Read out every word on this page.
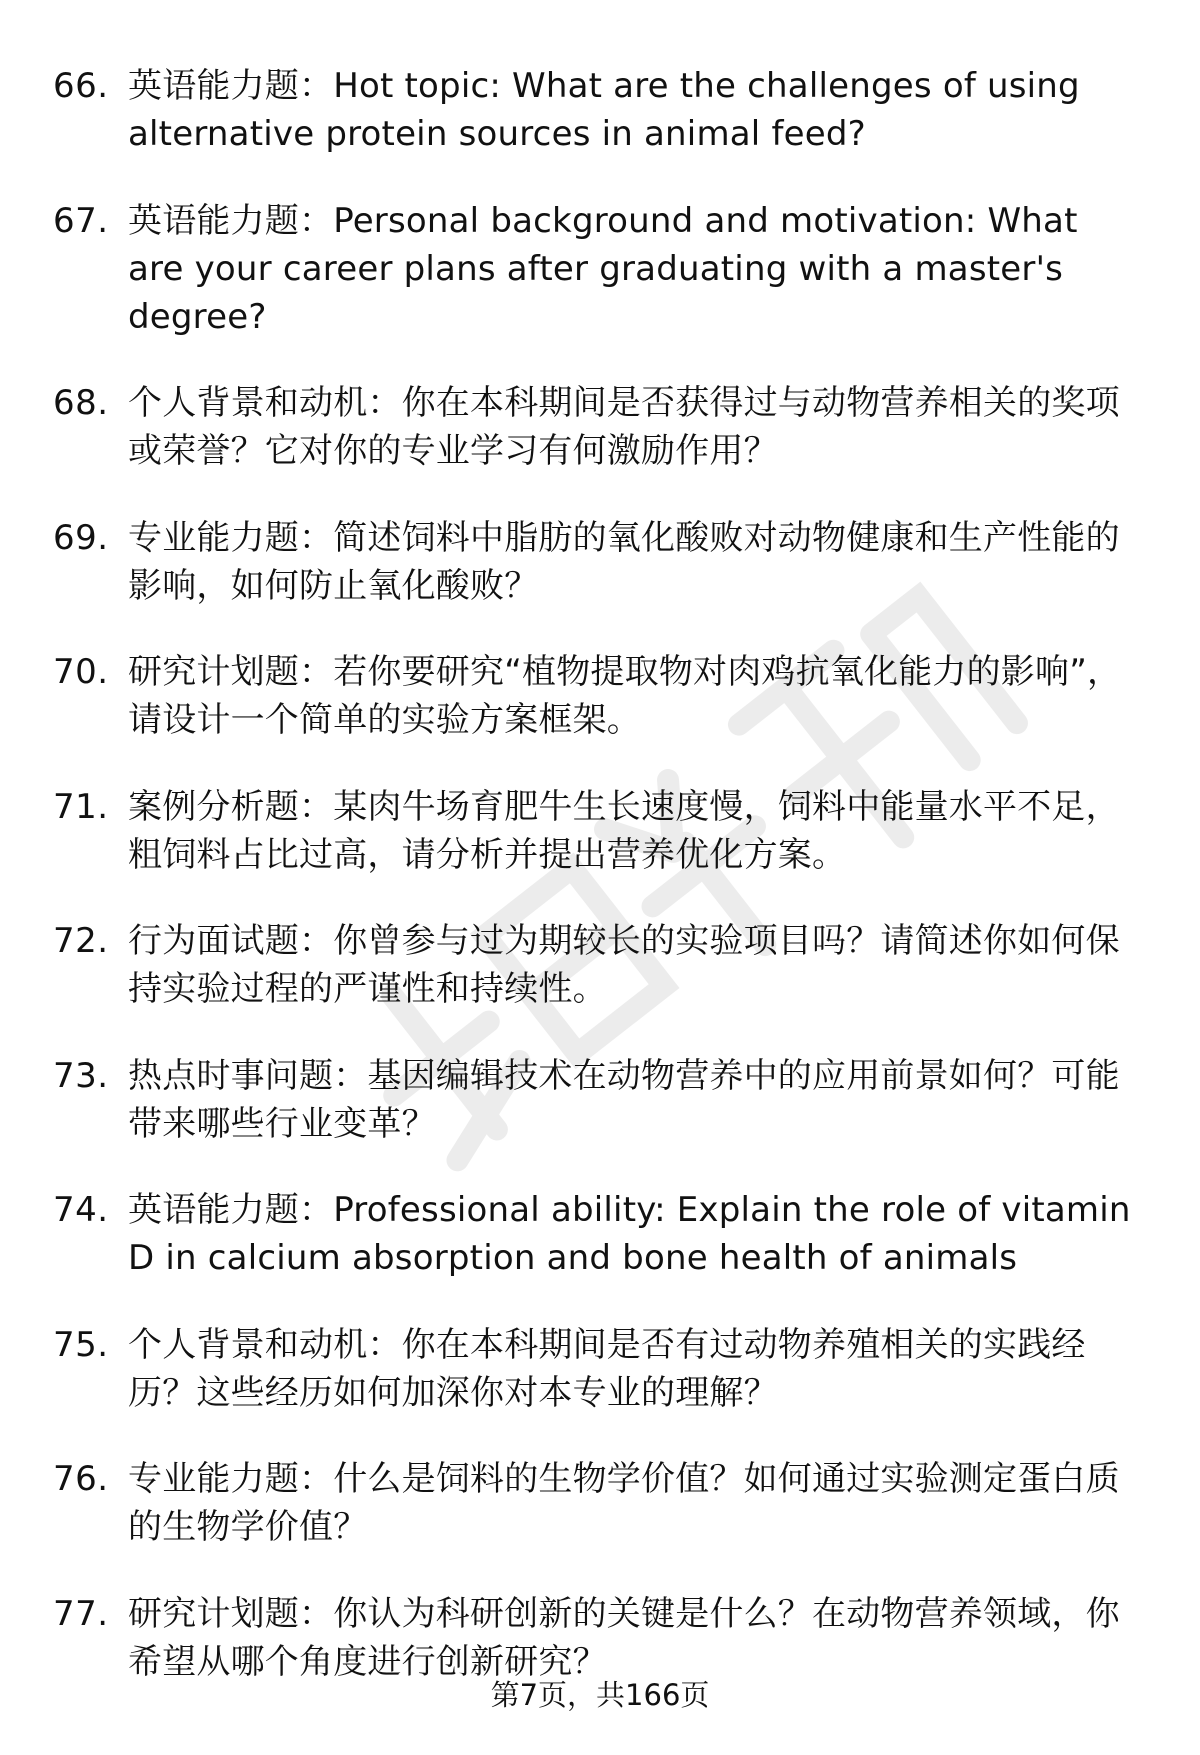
66. 英语能力题：Hot topic: What are the challenges of using alternative protein sources in animal feed?
67. 英语能力题：Personal background and motivation: What are your career plans after graduating with a master's degree?
68. 个人背景和动机：你在本科期间是否获得过与动物营养相关的奖项或荣誉？它对你的专业学习有何激励作用？
69. 专业能力题：简述饲料中脂肪的氧化酸败对动物健康和生产性能的影响，如何防止氧化酸败？
70. 研究计划题：若你要研究“植物提取物对肉鸡抗氧化能力的影响”，请设计一个简单的实验方案框架。
71. 案例分析题：某肉牛场育肥牛生长速度慢，饲料中能量水平不足，粗饲料占比过高，请分析并提出营养优化方案。
72. 行为面试题：你曾参与过为期较长的实验项目吗？请简述你如何保持实验过程的严谨性和持续性。
73. 热点时事问题：基因编辑技术在动物营养中的应用前景如何？可能带来哪些行业变革？
74. 英语能力题：Professional ability: Explain the role of vitamin D in calcium absorption and bone health of animals
75. 个人背景和动机：你在本科期间是否有过动物养殖相关的实践经历？这些经历如何加深你对本专业的理解？
76. 专业能力题：什么是饲料的生物学价值？如何通过实验测定蛋白质的生物学价值？
77. 研究计划题：你认为科研创新的关键是什么？在动物营养领域，你希望从哪个角度进行创新研究？
第7页，共166页
